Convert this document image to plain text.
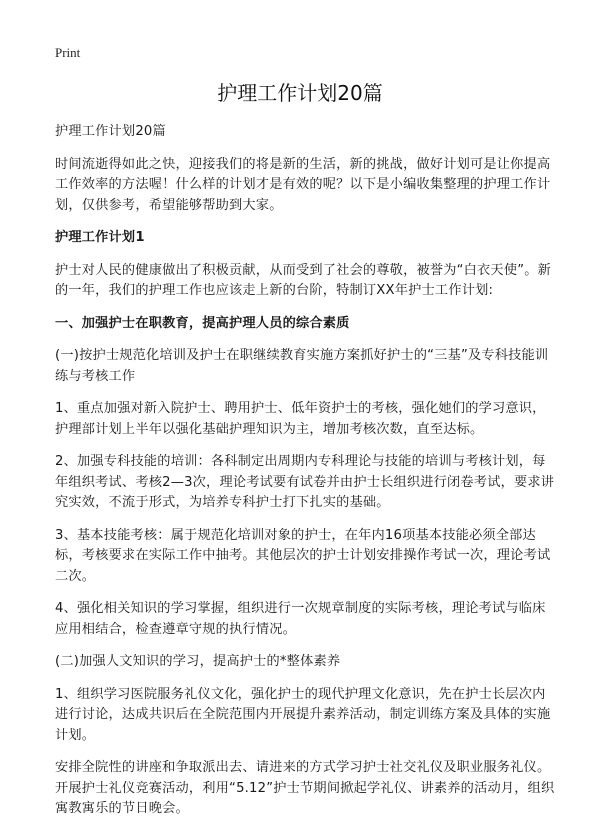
Print
护理工作计划20篇

护理工作计划20篇

时间流逝得如此之快，迎接我们的将是新的生活，新的挑战，做好计划可是让你提高工作效率的方法喔！什么样的计划才是有效的呢？以下是小编收集整理的护理工作计划，仅供参考，希望能够帮助到大家。

护理工作计划1

护士对人民的健康做出了积极贡献，从而受到了社会的尊敬，被誉为“白衣天使”。新的一年，我们的护理工作也应该走上新的台阶，特制订XX年护士工作计划:

一、加强护士在职教育，提高护理人员的综合素质

(一)按护士规范化培训及护士在职继续教育实施方案抓好护士的“三基”及专科技能训练与考核工作

1、重点加强对新入院护士、聘用护士、低年资护士的考核，强化她们的学习意识，护理部计划上半年以强化基础护理知识为主，增加考核次数，直至达标。

2、加强专科技能的培训：各科制定出周期内专科理论与技能的培训与考核计划，每年组织考试、考核2—3次，理论考试要有试卷并由护士长组织进行闭卷考试，要求讲究实效，不流于形式，为培养专科护士打下扎实的基础。

3、基本技能考核：属于规范化培训对象的护士，在年内16项基本技能必须全部达标，考核要求在实际工作中抽考。其他层次的护士计划安排操作考试一次，理论考试二次。

4、强化相关知识的学习掌握，组织进行一次规章制度的实际考核，理论考试与临床应用相结合，检查遵章守规的执行情况。

(二)加强人文知识的学习，提高护士的*整体素养

1、组织学习医院服务礼仪文化，强化护士的现代护理文化意识，先在护士长层次内进行讨论，达成共识后在全院范围内开展提升素养活动，制定训练方案及具体的实施计划。

安排全院性的讲座和争取派出去、请进来的方式学习护士社交礼仪及职业服务礼仪。开展护士礼仪竞赛活动，利用“5.12”护士节期间掀起学礼仪、讲素养的活动月，组织寓教寓乐的节日晚会。
